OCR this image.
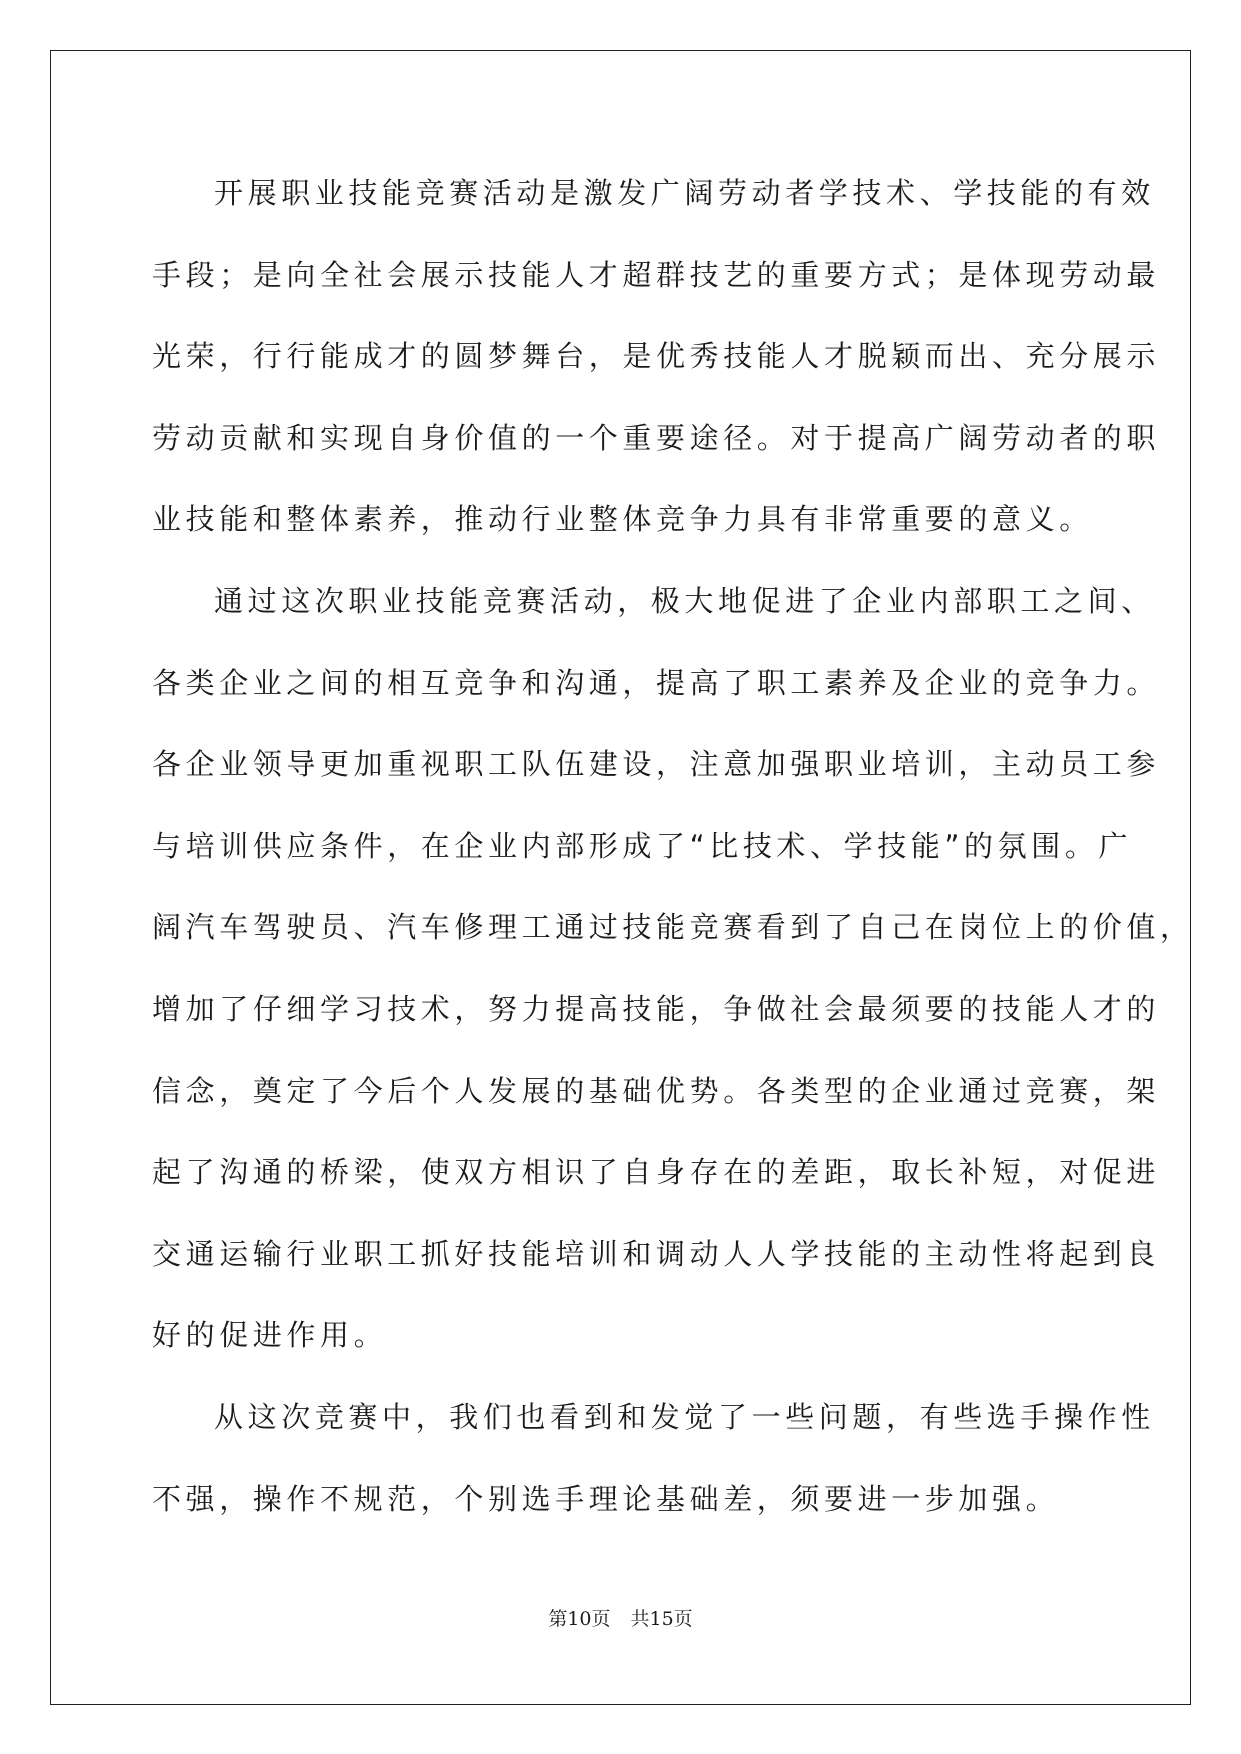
开展职业技能竞赛活动是激发广阔劳动者学技术、学技能的有效
手段；是向全社会展示技能人才超群技艺的重要方式；是体现劳动最
光荣，行行能成才的圆梦舞台，是优秀技能人才脱颖而出、充分展示
劳动贡献和实现自身价值的一个重要途径。对于提高广阔劳动者的职
业技能和整体素养，推动行业整体竞争力具有非常重要的意义。
通过这次职业技能竞赛活动，极大地促进了企业内部职工之间、
各类企业之间的相互竞争和沟通，提高了职工素养及企业的竞争力。
各企业领导更加重视职工队伍建设，注意加强职业培训，主动员工参
与培训供应条件，在企业内部形成了“比技术、学技能”的氛围。广
阔汽车驾驶员、汽车修理工通过技能竞赛看到了自己在岗位上的价值，
增加了仔细学习技术，努力提高技能，争做社会最须要的技能人才的
信念，奠定了今后个人发展的基础优势。各类型的企业通过竞赛，架
起了沟通的桥梁，使双方相识了自身存在的差距，取长补短，对促进
交通运输行业职工抓好技能培训和调动人人学技能的主动性将起到良
好的促进作用。
从这次竞赛中，我们也看到和发觉了一些问题，有些选手操作性
不强，操作不规范，个别选手理论基础差，须要进一步加强。
第10页 共15页
